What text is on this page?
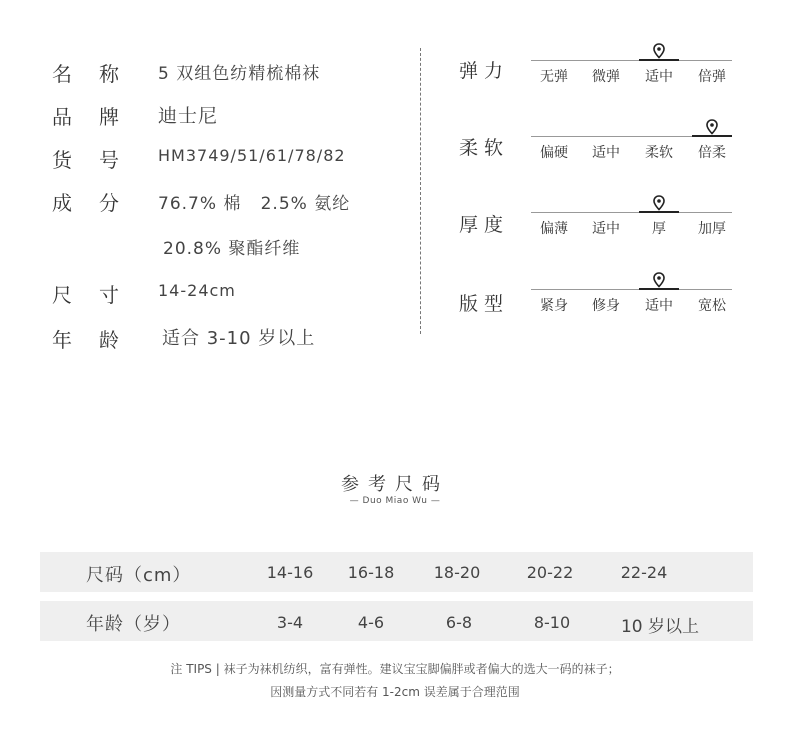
名称 5 双组色纺精梳棉袜
品牌 迪士尼
货号 HM3749/51/61/78/82
成分 76.7% 棉   2.5% 氨纶
20.8% 聚酯纤维
尺寸 14-24cm
年龄 适合 3-10 岁以上
弹力	无弹	微弹	适中	倍弹
柔软	偏硬	适中	柔软	倍柔
厚度	偏薄	适中	厚	加厚
版型	紧身	修身	适中	宽松
参考尺码
— Duo Miao Wu —
尺码（cm）	14-16	16-18	18-20	20-22	22-24
年龄（岁）	3-4	4-6	6-8	8-10	10 岁以上
注 TIPS | 袜子为袜机纺织，富有弹性。建议宝宝脚偏胖或者偏大的选大一码的袜子；
因测量方式不同若有 1-2cm 误差属于合理范围
